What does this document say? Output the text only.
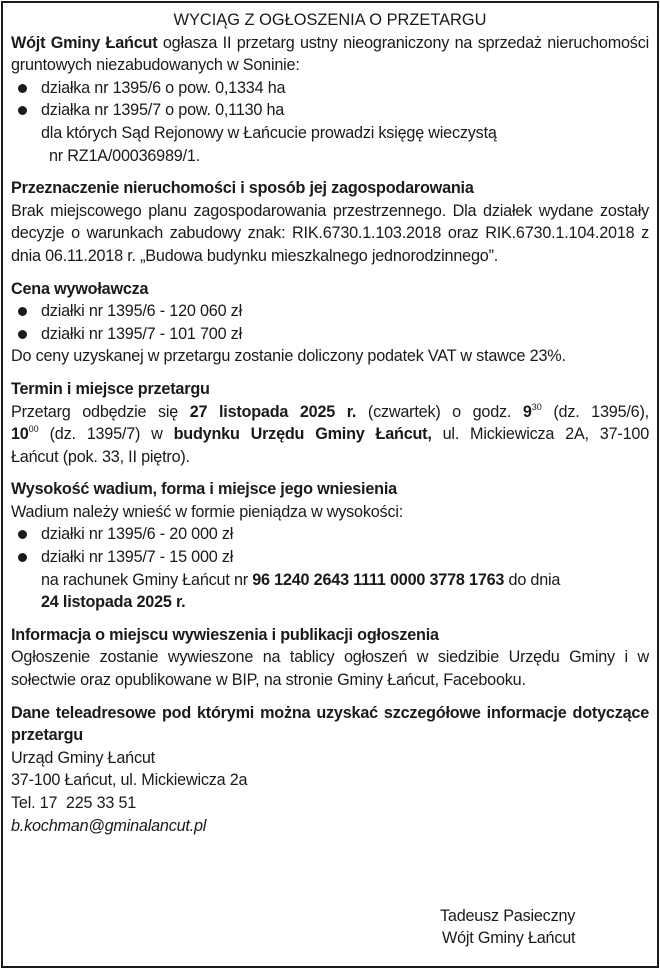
WYCIĄG Z OGŁOSZENIA O PRZETARGU
Wójt Gminy Łańcut ogłasza II przetarg ustny nieograniczony na sprzedaż nieruchomości gruntowych niezabudowanych w Soninie:
działka nr 1395/6 o pow. 0,1334 ha
działka nr 1395/7 o pow. 0,1130 ha
dla których Sąd Rejonowy w Łańcucie prowadzi księgę wieczystą
nr RZ1A/00036989/1.
Przeznaczenie nieruchomości i sposób jej zagospodarowania
Brak miejscowego planu zagospodarowania przestrzennego. Dla działek wydane zostały decyzje o warunkach zabudowy znak: RIK.6730.1.103.2018 oraz RIK.6730.1.104.2018 z dnia 06.11.2018 r. „Budowa budynku mieszkalnego jednorodzinnego”.
Cena wywoławcza
działki nr 1395/6 - 120 060 zł
działki nr 1395/7 - 101 700 zł
Do ceny uzyskanej w przetargu zostanie doliczony podatek VAT w stawce 23%.
Termin i miejsce przetargu
Przetarg odbędzie się 27 listopada 2025 r. (czwartek) o godz. $9^{30}$ (dz. 1395/6),
$10^{00}$ (dz. 1395/7) w budynku Urzędu Gminy Łańcut, ul. Mickiewicza 2A, 37-100
Łańcut (pok. 33, II piętro).
Wysokość wadium, forma i miejsce jego wniesienia
Wadium należy wnieść w formie pieniądza w wysokości:
działki nr 1395/6 - 20 000 zł
działki nr 1395/7 - 15 000 zł
na rachunek Gminy Łańcut nr 96 1240 2643 1111 0000 3778 1763 do dnia
24 listopada 2025 r.
Informacja o miejscu wywieszenia i publikacji ogłoszenia
Ogłoszenie zostanie wywieszone na tablicy ogłoszeń w siedzibie Urzędu Gminy i w sołectwie oraz opublikowane w BIP, na stronie Gminy Łańcut, Facebooku.
Dane teleadresowe pod którymi można uzyskać szczegółowe informacje dotyczące przetargu
Urząd Gminy Łańcut
37-100 Łańcut, ul. Mickiewicza 2a
Tel. 17  225 33 51
b.kochman@gminalancut.pl
Tadeusz Pasieczny
Wójt Gminy Łańcut
